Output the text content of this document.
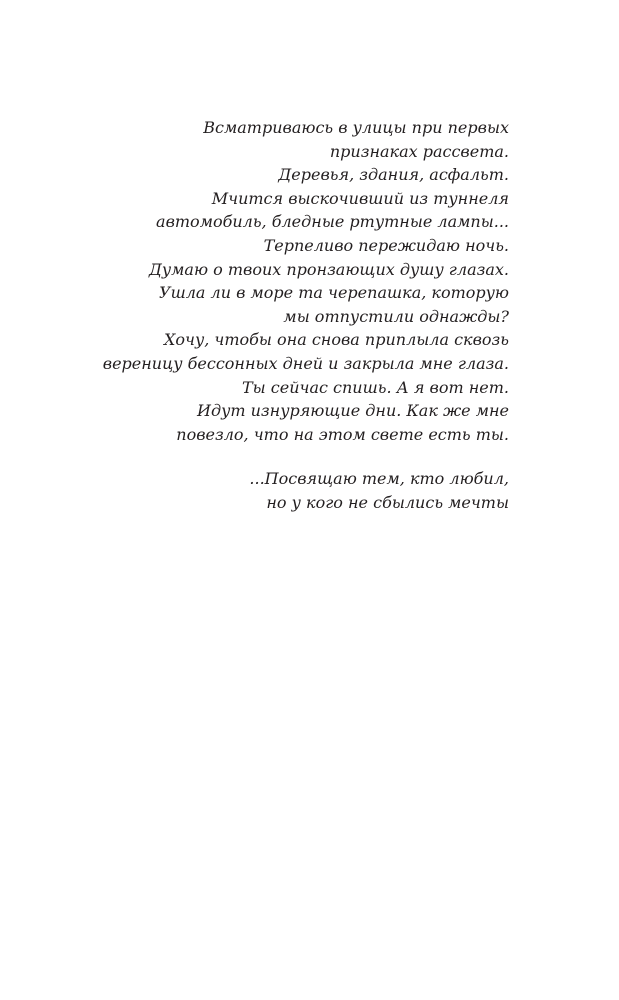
Всматриваюсь в улицы при первых
признаках рассвета.
Деревья, здания, асфальт.
Мчится выскочивший из туннеля
автомобиль, бледные ртутные лампы...
Терпеливо пережидаю ночь.
Думаю о твоих пронзающих душу глазах.
Ушла ли в море та черепашка, которую
мы отпустили однажды?
Хочу, чтобы она снова приплыла сквозь
вереницу бессонных дней и закрыла мне глаза.
Ты сейчас спишь. А я вот нет.
Идут изнуряющие дни. Как же мне
повезло, что на этом свете есть ты.
...Посвящаю тем, кто любил,
но у кого не сбылись мечты
